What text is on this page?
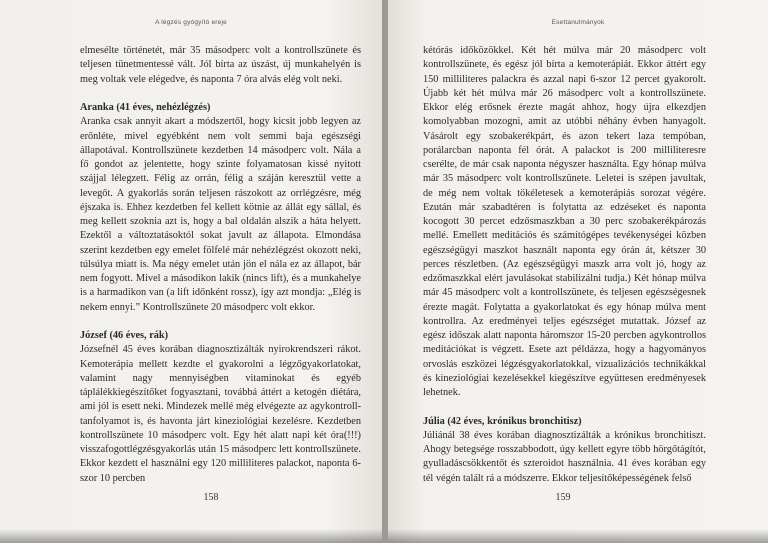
A légzés gyógyító ereje

elmesélte történetét, már 35 másodperc volt a kontrollszünete és teljesen tünetmentessé vált. Jól bírta az úszást, új munkahelyén is meg voltak vele elégedve, és naponta 7 óra alvás elég volt neki.

Aranka (41 éves, nehézlégzés)

Aranka csak annyit akart a módszertől, hogy kicsit jobb legyen az erőnléte, mivel egyébként nem volt semmi baja egészségi állapotával. Kontrollszünete kezdetben 14 másodperc volt. Nála a fő gondot az jelentette, hogy szinte folyamatosan kissé nyitott szájjal lélegzett. Félig az orrán, félig a száján keresztül vette a levegőt. A gyakorlás során teljesen rászokott az orrlégzésre, még éjszaka is. Ehhez kezdetben fel kellett kötnie az állát egy sállal, és meg kellett szoknia azt is, hogy a bal oldalán alszik a háta helyett. Ezektől a változtatásoktól sokat javult az állapota. Elmondása szerint kezdetben egy emelet fölfelé már nehézlégzést okozott neki, túlsúlya miatt is. Ma négy emelet után jön el nála ez az állapot, bár nem fogyott. Mivel a másodikon lakik (nincs lift), és a munkahelye is a harmadikon van (a lift időnként rossz), így azt mondja: „Elég is nekem ennyi.” Kontrollszünete 20 másodperc volt ekkor.

József (46 éves, rák)

Józsefnél 45 éves korában diagnosztizálták nyirokrendszeri rákot. Kemoterápia mellett kezdte el gyakorolni a légzőgyakorlatokat, valamint nagy mennyiségben vitaminokat és egyéb táplálékkiegészítőket fogyasztani, továbbá áttért a ketogén diétára, ami jól is esett neki. Mindezek mellé még elvégezte az agykontroll-tanfolyamot is, és havonta járt kineziológiai kezelésre. Kezdetben kontrollszünete 10 másodperc volt. Egy hét alatt napi két óra(!!!) visszafogottlégzésgyakorlás után 15 másodperc lett kontrollszünete. Ekkor kezdett el használni egy 120 milliliteres palackot, naponta 6-szor 10 percben

158
Esettanulmányok

kétórás időközökkel. Két hét múlva már 20 másodperc volt kontrollszünete, és egész jól bírta a kemoterápiát. Ekkor áttért egy 150 milliliteres palackra és azzal napi 6-szor 12 percet gyakorolt. Újabb két hét múlva már 26 másodperc volt a kontrollszünete. Ekkor elég erősnek érezte magát ahhoz, hogy újra elkezdjen komolyabban mozogni, amit az utóbbi néhány évben hanyagolt. Vásárolt egy szobakerékpárt, és azon tekert laza tempóban, porálarcban naponta fél órát. A palackot is 200 milliliteresre cserélte, de már csak naponta négyszer használta. Egy hónap múlva már 35 másodperc volt kontrollszünete. Leletei is szépen javultak, de még nem voltak tökéletesek a kemoterápiás sorozat végére. Ezután már szabadtéren is folytatta az edzéseket és naponta kocogott 30 percet edzősmaszkban a 30 perc szobakerékpározás mellé. Emellett meditációs és számítógépes tevékenységei közben egészségügyi maszkot használt naponta egy órán át, kétszer 30 perces részletben. (Az egészségügyi maszk arra volt jó, hogy az edzőmaszkkal elért javulásokat stabilizálni tudja.) Két hónap múlva már 45 másodperc volt a kontrollszünete, és teljesen egészségesnek érezte magát. Folytatta a gyakorlatokat és egy hónap múlva ment kontrollra. Az eredményei teljes egészséget mutattak. József az egész időszak alatt naponta háromszor 15-20 percben agykontrollos meditációkat is végzett. Esete azt példázza, hogy a hagyományos orvoslás eszközei légzésgyakorlatokkal, vizualizációs technikákkal és kineziológiai kezelésekkel kiegészítve együttesen eredményesek lehetnek.

Júlia (42 éves, krónikus bronchitisz)

Júliánál 38 éves korában diagnosztizálták a krónikus bronchitiszt. Ahogy betegsége rosszabbodott, úgy kellett egyre több hörgőtágítót, gyulladáscsökkentőt és szteroidot használnia. 41 éves korában egy tél végén talált rá a módszerre. Ekkor teljesítőképességének felső

159
